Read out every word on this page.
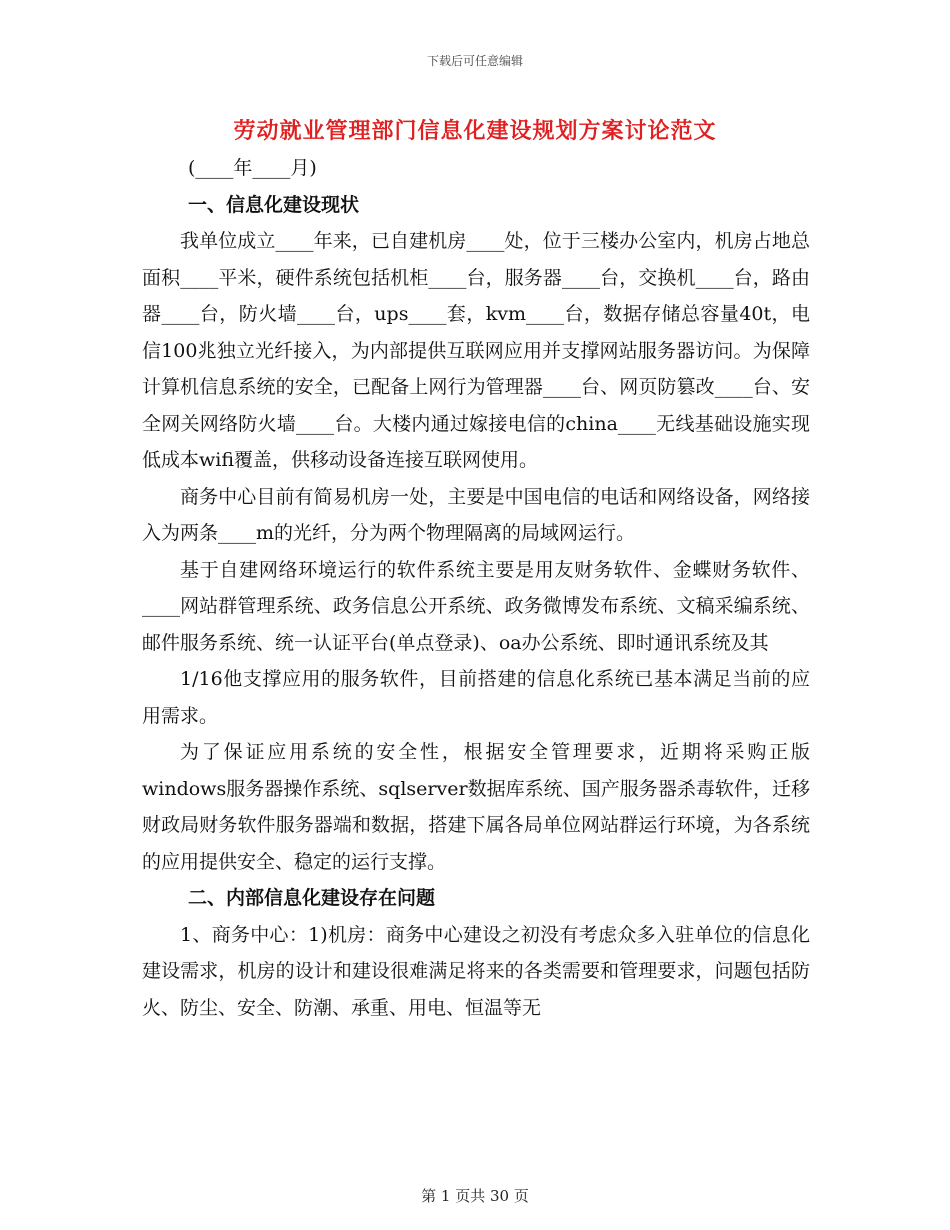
下载后可任意编辑
劳动就业管理部门信息化建设规划方案讨论范文

(____年____月)

一、信息化建设现状

我单位成立____年来，已自建机房____处，位于三楼办公室内，机房占地总面积____平米，硬件系统包括机柜____台，服务器____台，交换机____台，路由器____台，防火墙____台，ups____套，kvm____台，数据存储总容量40t，电信100兆独立光纤接入，为内部提供互联网应用并支撑网站服务器访问。为保障计算机信息系统的安全，已配备上网行为管理器____台、网页防篡改____台、安全网关网络防火墙____台。大楼内通过嫁接电信的china____无线基础设施实现低成本wifi覆盖，供移动设备连接互联网使用。

商务中心目前有简易机房一处，主要是中国电信的电话和网络设备，网络接入为两条____m的光纤，分为两个物理隔离的局域网运行。

基于自建网络环境运行的软件系统主要是用友财务软件、金蝶财务软件、____网站群管理系统、政务信息公开系统、政务微博发布系统、文稿采编系统、邮件服务系统、统一认证平台(单点登录)、oa办公系统、即时通讯系统及其

1/16他支撑应用的服务软件，目前搭建的信息化系统已基本满足当前的应用需求。

为了保证应用系统的安全性，根据安全管理要求，近期将采购正版windows服务器操作系统、sqlserver数据库系统、国产服务器杀毒软件，迁移财政局财务软件服务器端和数据，搭建下属各局单位网站群运行环境，为各系统的应用提供安全、稳定的运行支撑。

二、内部信息化建设存在问题

1、商务中心：1)机房：商务中心建设之初没有考虑众多入驻单位的信息化建设需求，机房的设计和建设很难满足将来的各类需要和管理要求，问题包括防火、防尘、安全、防潮、承重、用电、恒温等无

第 1 页共 30 页
